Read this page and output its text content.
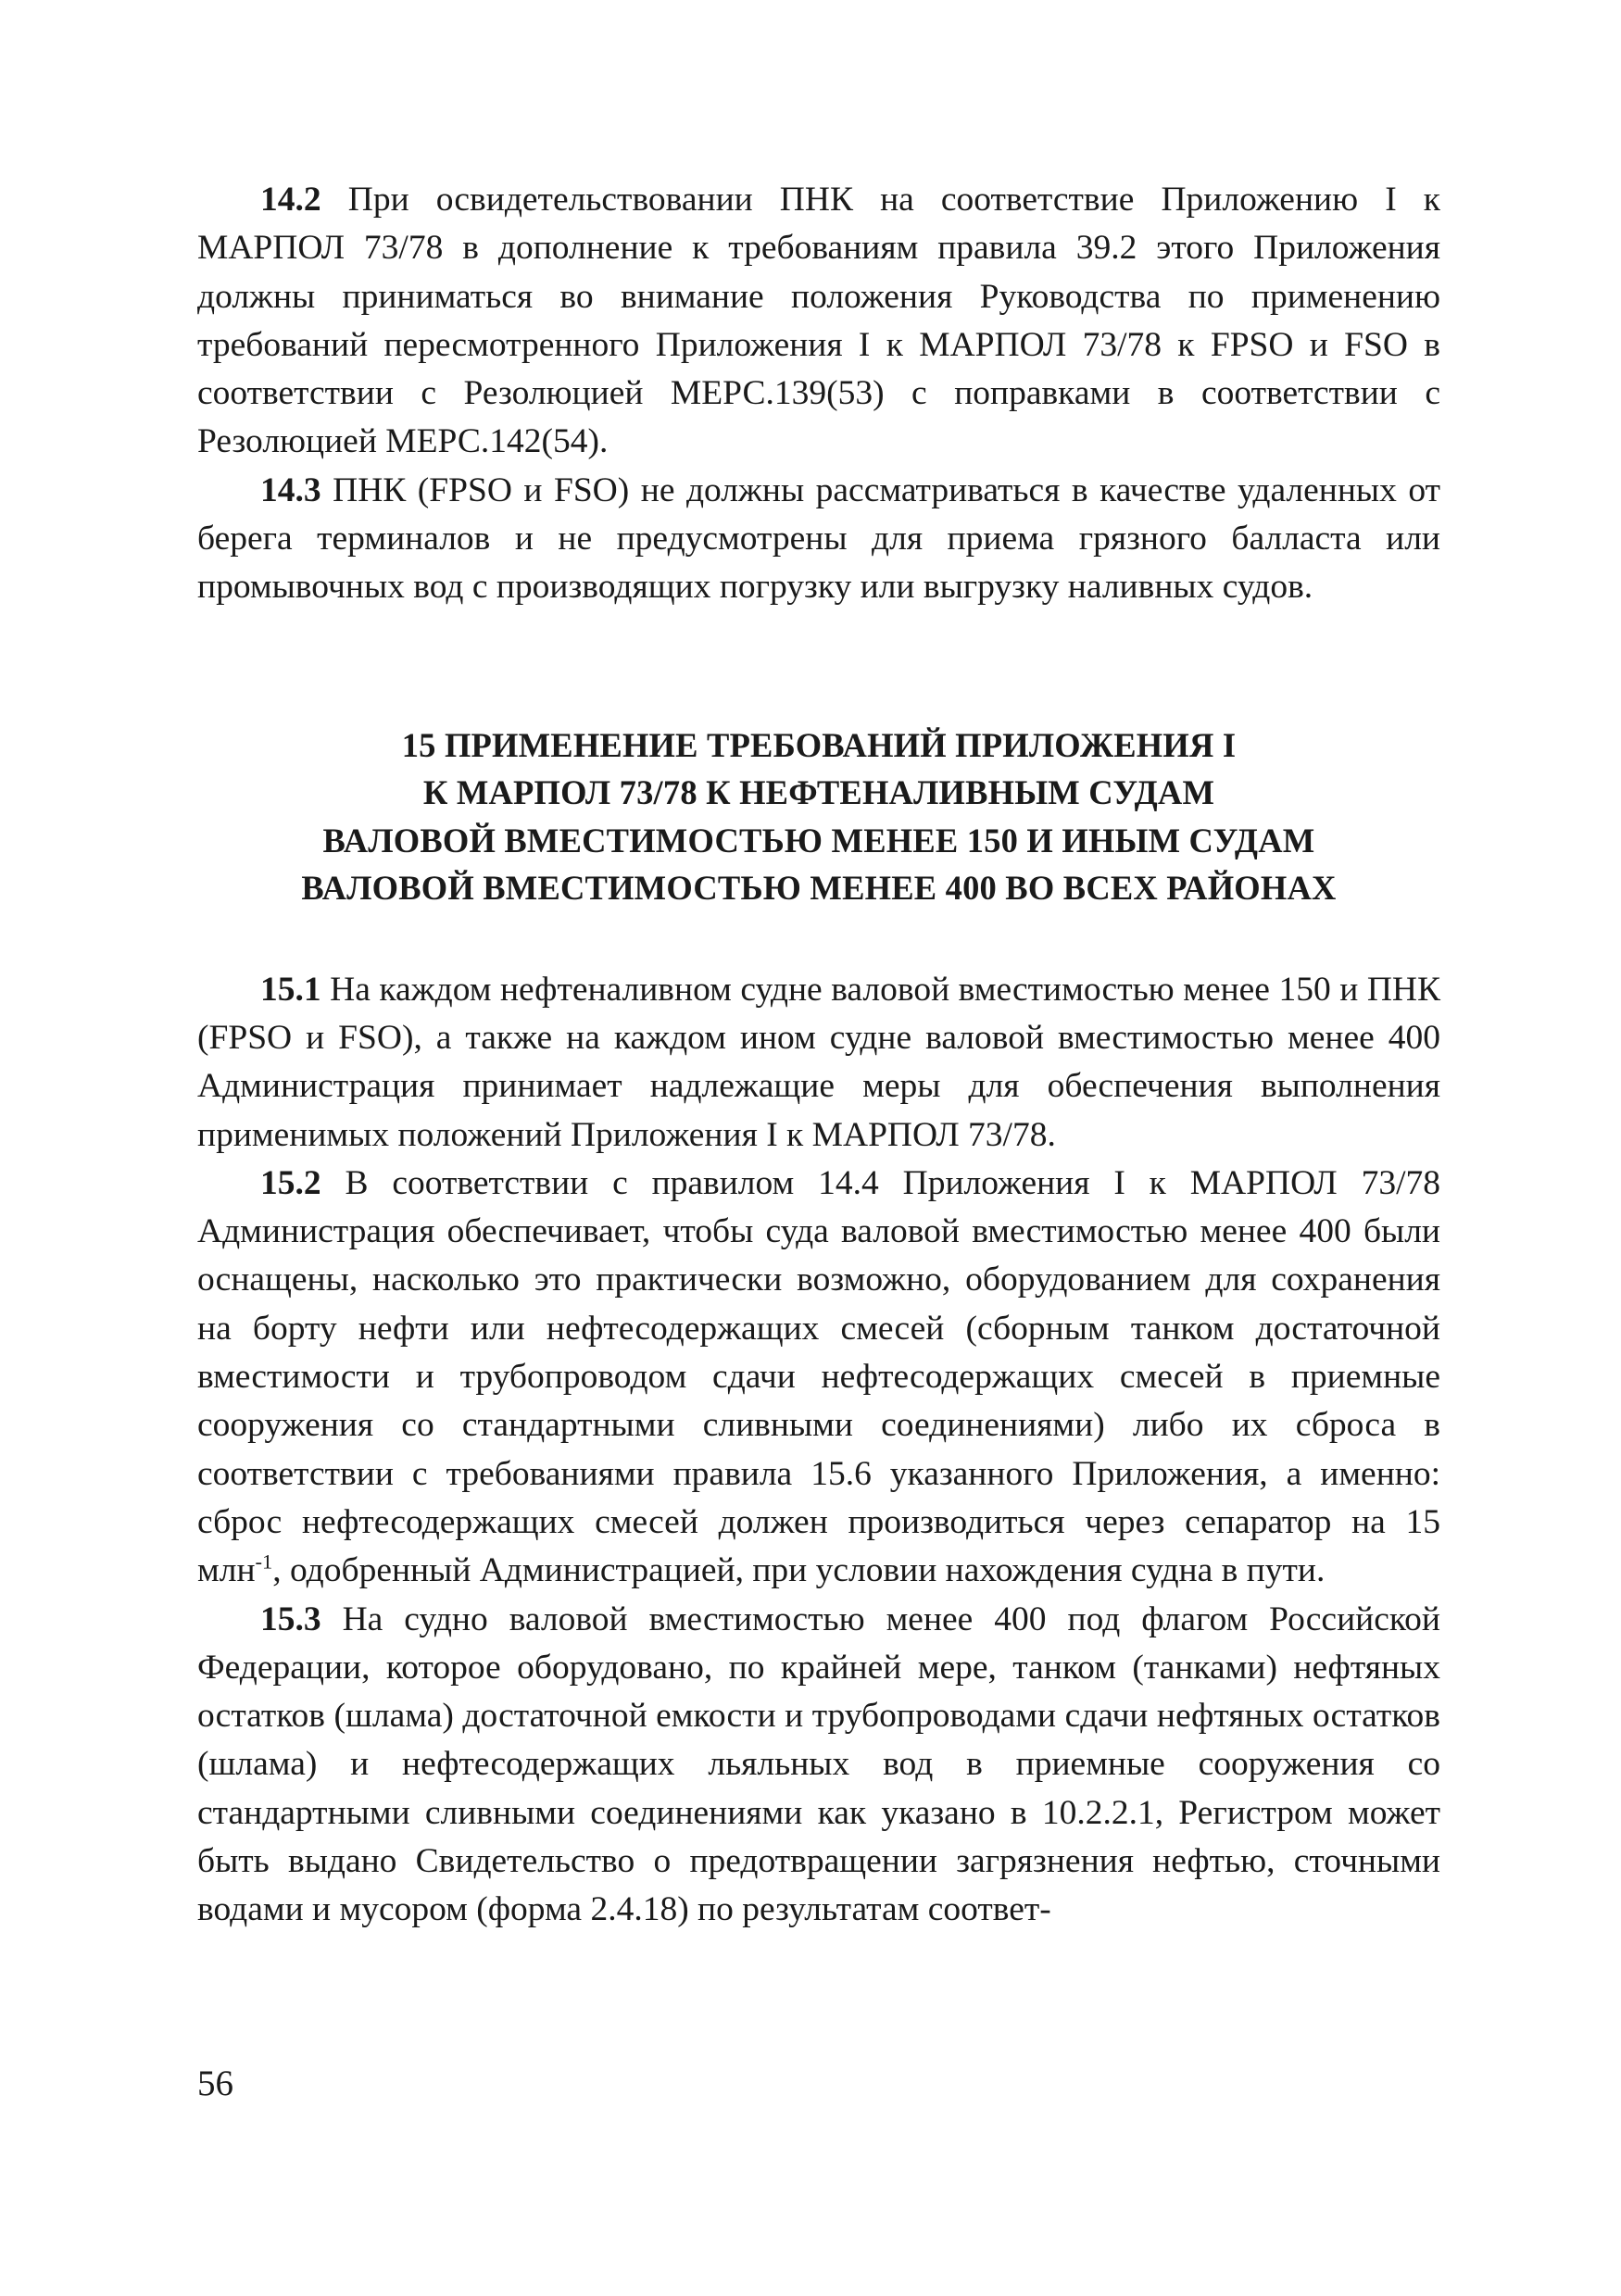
14.2 При освидетельствовании ПНК на соответствие Приложению I к МАРПОЛ 73/78 в дополнение к требованиям правила 39.2 этого Приложения должны приниматься во внимание положения Руководства по применению требований пересмотренного Приложения I к МАРПОЛ 73/78 к FPSO и FSO в соответствии с Резолюцией МЕРС.139(53) с поправками в соответствии с Резолюцией МЕРС.142(54).

14.3 ПНК (FPSO и FSO) не должны рассматриваться в качестве удаленных от берега терминалов и не предусмотрены для приема грязного балласта или промывочных вод с производящих погрузку или выгрузку наливных судов.

15 ПРИМЕНЕНИЕ ТРЕБОВАНИЙ ПРИЛОЖЕНИЯ I
К МАРПОЛ 73/78 К НЕФТЕНАЛИВНЫМ СУДАМ
ВАЛОВОЙ ВМЕСТИМОСТЬЮ МЕНЕЕ 150 И ИНЫМ СУДАМ
ВАЛОВОЙ ВМЕСТИМОСТЬЮ МЕНЕЕ 400 ВО ВСЕХ РАЙОНАХ

15.1 На каждом нефтеналивном судне валовой вместимостью менее 150 и ПНК (FPSO и FSO), а также на каждом ином судне валовой вместимостью менее 400 Администрация принимает надлежащие меры для обеспечения выполнения применимых положений Приложения I к МАРПОЛ 73/78.

15.2 В соответствии с правилом 14.4 Приложения I к МАРПОЛ 73/78 Администрация обеспечивает, чтобы суда валовой вместимостью менее 400 были оснащены, насколько это практически возможно, оборудованием для сохранения на борту нефти или нефтесодержащих смесей (сборным танком достаточной вместимости и трубопроводом сдачи нефтесодержащих смесей в приемные сооружения со стандартными сливными соединениями) либо их сброса в соответствии с требованиями правила 15.6 указанного Приложения, а именно: сброс нефтесодержащих смесей должен производиться через сепаратор на 15 млн$^{-1}$, одобренный Администрацией, при условии нахождения судна в пути.

15.3 На судно валовой вместимостью менее 400 под флагом Российской Федерации, которое оборудовано, по крайней мере, танком (танками) нефтяных остатков (шлама) достаточной емкости и трубопроводами сдачи нефтяных остатков (шлама) и нефтесодержащих льяльных вод в приемные сооружения со стандартными сливными соединениями как указано в 10.2.2.1, Регистром может быть выдано Свидетельство о предотвращении загрязнения нефтью, сточными водами и мусором (форма 2.4.18) по результатам соответ-

56
